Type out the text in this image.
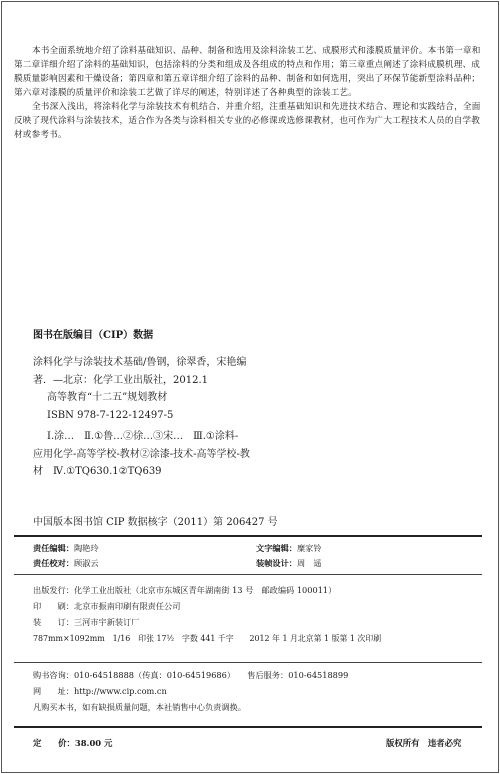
本书全面系统地介绍了涂料基础知识、品种、制备和选用及涂料涂装工艺、成膜形式和漆膜质量评价。本书第一章和第二章详细介绍了涂料的基础知识，包括涂料的分类和组成及各组成的特点和作用；第三章重点阐述了涂料成膜机理、成膜质量影响因素和干燥设备；第四章和第五章详细介绍了涂料的品种、制备和如何选用，突出了环保节能新型涂料品种；第六章对漆膜的质量评价和涂装工艺做了详尽的阐述，特别详述了各种典型的涂装工艺。

全书深入浅出，将涂料化学与涂装技术有机结合、并重介绍，注重基础知识和先进技术结合、理论和实践结合，全面反映了现代涂料与涂装技术，适合作为各类与涂料相关专业的必修课或选修课教材，也可作为广大工程技术人员的自学教材或参考书。

图书在版编目（CIP）数据
涂料化学与涂装技术基础/鲁钢，徐翠香，宋艳编
著．—北京：化学工业出版社，2012.1
高等教育“十二五”规划教材
ISBN 978-7-122-12497-5
Ⅰ.涂…　Ⅱ.①鲁…②徐…③宋…　Ⅲ.①涂料-
应用化学-高等学校-教材②涂漆-技术-高等学校-教
材　Ⅳ.①TQ630.1②TQ639
中国版本图书馆 CIP 数据核字（2011）第 206427 号
责任编辑：陶艳玲	文字编辑：糜家铃
责任校对：顾淑云	装帧设计：周　遥
出版发行：化学工业出版社（北京市东城区青年湖南街 13 号　邮政编码 100011）
印　　刷：北京市振南印刷有限责任公司
装　　订：三河市宇新装订厂
787mm×1092mm　1/16　印张 17½　字数 441 千字　　2012 年 1 月北京第 1 版第 1 次印刷
购书咨询：010-64518888（传真：010-64519686）　　售后服务：010-64518899
网　　址：http://www.cip.com.cn
凡购买本书，如有缺损质量问题，本社销售中心负责调换。
定　　价：38.00 元	版权所有　违者必究
